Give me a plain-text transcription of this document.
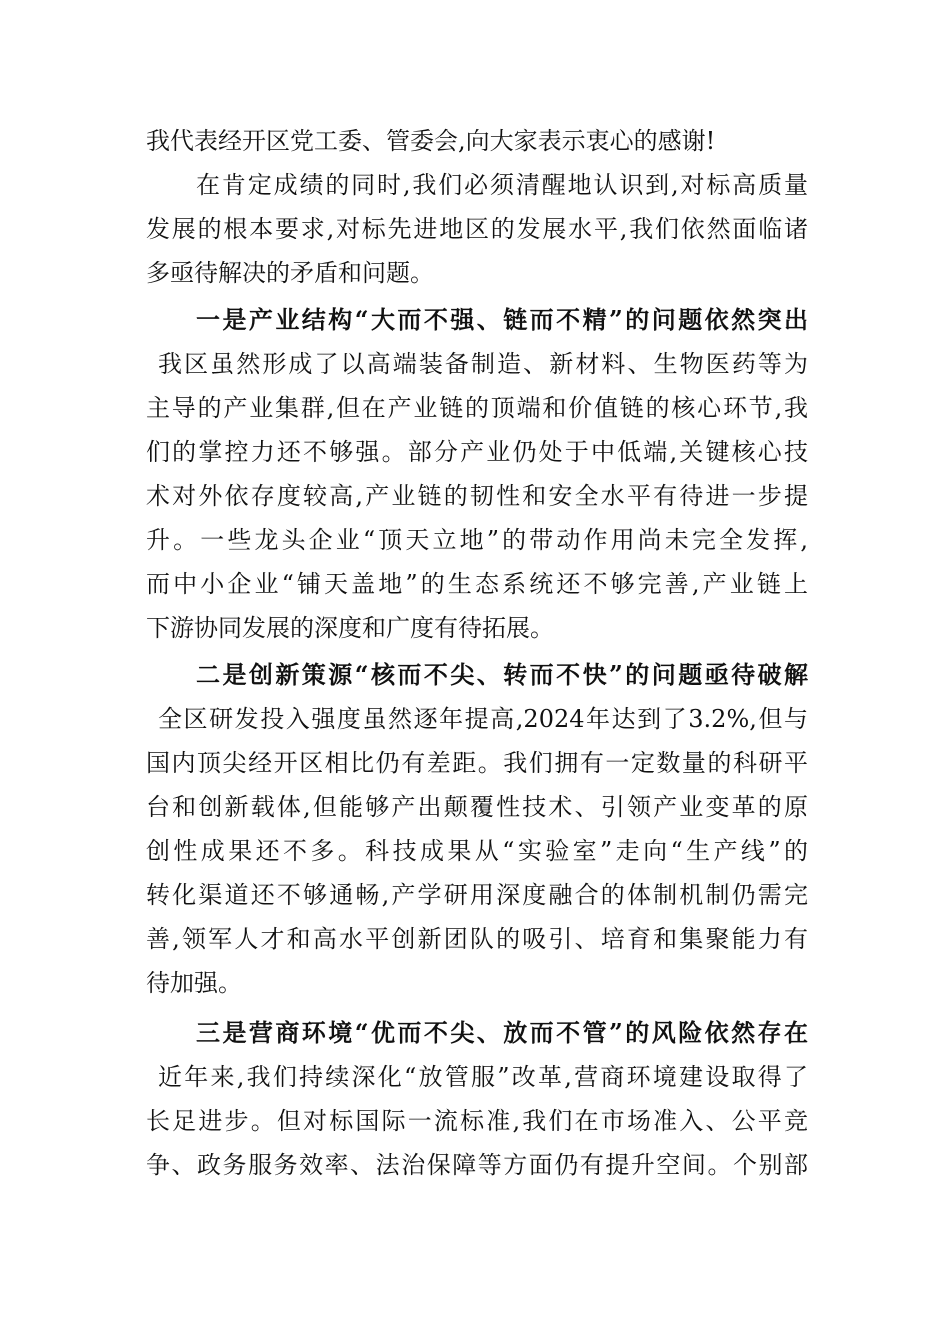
我代表经开区党工委、管委会,向大家表示衷心的感谢!
在肯定成绩的同时,我们必须清醒地认识到,对标高质量
发展的根本要求,对标先进地区的发展水平,我们依然面临诸
多亟待解决的矛盾和问题。
一是产业结构“大而不强、链而不精”的问题依然突出
我区虽然形成了以高端装备制造、新材料、生物医药等为
主导的产业集群,但在产业链的顶端和价值链的核心环节,我
们的掌控力还不够强。部分产业仍处于中低端,关键核心技
术对外依存度较高,产业链的韧性和安全水平有待进一步提
升。一些龙头企业“顶天立地”的带动作用尚未完全发挥,
而中小企业“铺天盖地”的生态系统还不够完善,产业链上
下游协同发展的深度和广度有待拓展。
二是创新策源“核而不尖、转而不快”的问题亟待破解
全区研发投入强度虽然逐年提高,2024年达到了3.2%,但与
国内顶尖经开区相比仍有差距。我们拥有一定数量的科研平
台和创新载体,但能够产出颠覆性技术、引领产业变革的原
创性成果还不多。科技成果从“实验室”走向“生产线”的
转化渠道还不够通畅,产学研用深度融合的体制机制仍需完
善,领军人才和高水平创新团队的吸引、培育和集聚能力有
待加强。
三是营商环境“优而不尖、放而不管”的风险依然存在
近年来,我们持续深化“放管服”改革,营商环境建设取得了
长足进步。但对标国际一流标准,我们在市场准入、公平竞
争、政务服务效率、法治保障等方面仍有提升空间。个别部
